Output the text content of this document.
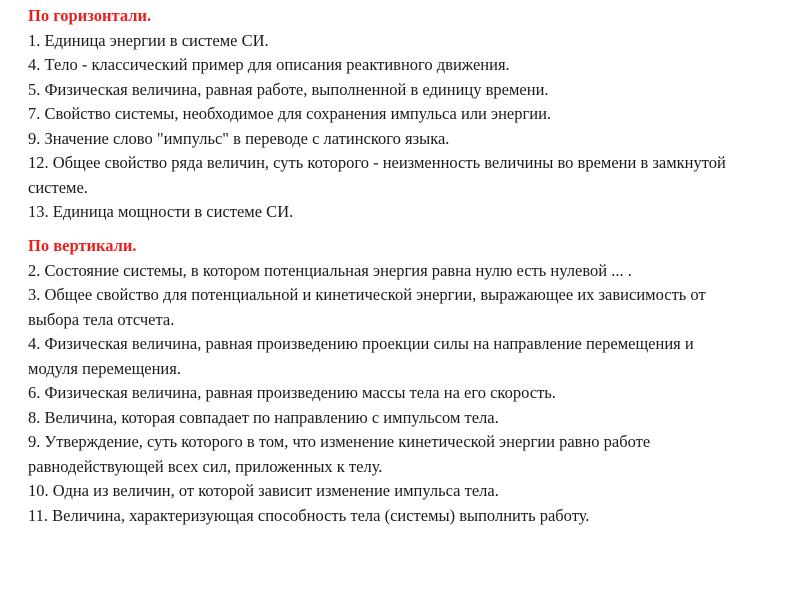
По горизонтали.

1. Единица энергии в системе СИ.

4. Тело - классический пример для описания реактивного движения.

5. Физическая величина, равная работе, выполненной в единицу времени.

7. Свойство системы, необходимое для сохранения импульса или энергии.

9. Значение слово "импульс" в переводе с латинского языка.

12. Общее свойство ряда величин, суть которого - неизменность величины во времени в замкнутой системе.

13. Единица мощности в системе СИ.

По вертикали.

2. Состояние системы, в котором потенциальная энергия равна нулю есть нулевой ... .

3. Общее свойство для потенциальной и кинетической энергии, выражающее их зависимость от выбора тела отсчета.

4. Физическая величина, равная произведению проекции силы на направление перемещения и модуля перемещения.

6. Физическая величина, равная произведению массы тела на его скорость.

8. Величина, которая совпадает по направлению с импульсом тела.

9. Утверждение, суть которого в том, что изменение кинетической энергии равно работе равнодействующей всех сил, приложенных к телу.

10. Одна из величин, от которой зависит изменение импульса тела.

11. Величина, характеризующая способность тела (системы) выполнить работу.
